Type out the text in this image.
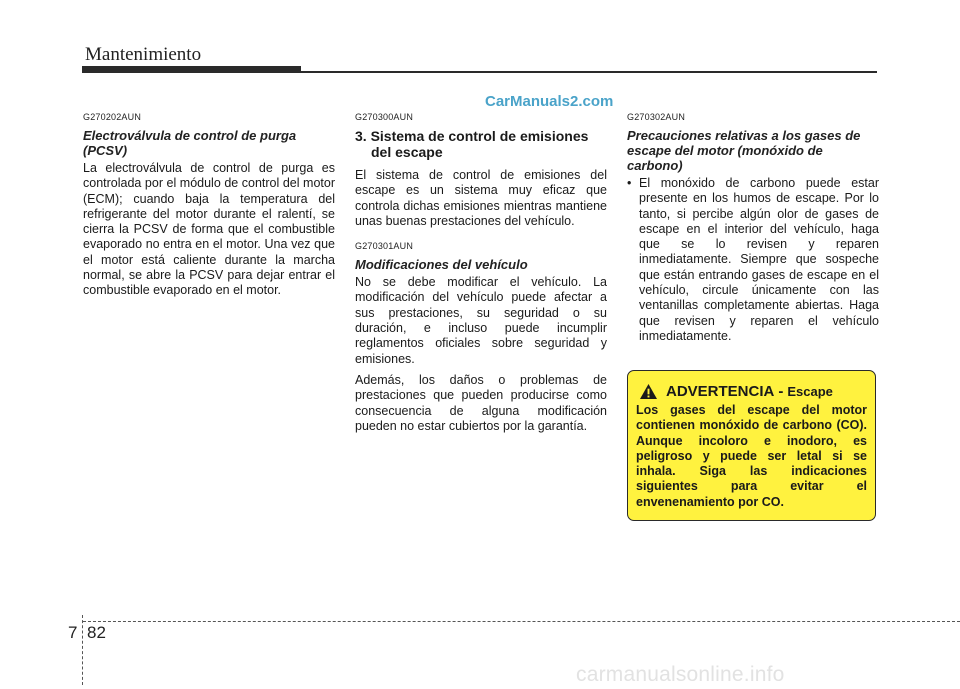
Mantenimiento
CarManuals2.com
G270202AUN
Electroválvula de control de purga (PCSV)

La electroválvula de control de purga es controlada por el módulo de control del motor (ECM); cuando baja la temperatura del refrigerante del motor durante el ralentí, se cierra la PCSV de forma que el combustible evaporado no entra en el motor. Una vez que el motor está caliente durante la marcha normal, se abre la PCSV para dejar entrar el combustible evaporado en el motor.

G270300AUN
3. Sistema de control de emisiones del escape

El sistema de control de emisiones del escape es un sistema muy eficaz que controla dichas emisiones mientras mantiene unas buenas prestaciones del vehículo.

G270301AUN
Modificaciones del vehículo

No se debe modificar el vehículo. La modificación del vehículo puede afectar a sus prestaciones, su seguridad o su duración, e incluso puede incumplir reglamentos oficiales sobre seguridad y emisiones.

Además, los daños o problemas de prestaciones que pueden producirse como consecuencia de alguna modificación pueden no estar cubiertos por la garantía.

G270302AUN
Precauciones relativas a los gases de escape del motor (monóxido de carbono)
• El monóxido de carbono puede estar presente en los humos de escape. Por lo tanto, si percibe algún olor de gases de escape en el interior del vehículo, haga que se lo revisen y reparen inmediatamente. Siempre que sospeche que están entrando gases de escape en el vehículo, circule únicamente con las ventanillas completamente abiertas. Haga que revisen y reparen el vehículo inmediatamente.

ADVERTENCIA - Escape
Los gases del escape del motor contienen monóxido de carbono (CO). Aunque incoloro e inodoro, es peligroso y puede ser letal si se inhala. Siga las indicaciones siguientes para evitar el envenenamiento por CO.
7 82
carmanualsonline.info
